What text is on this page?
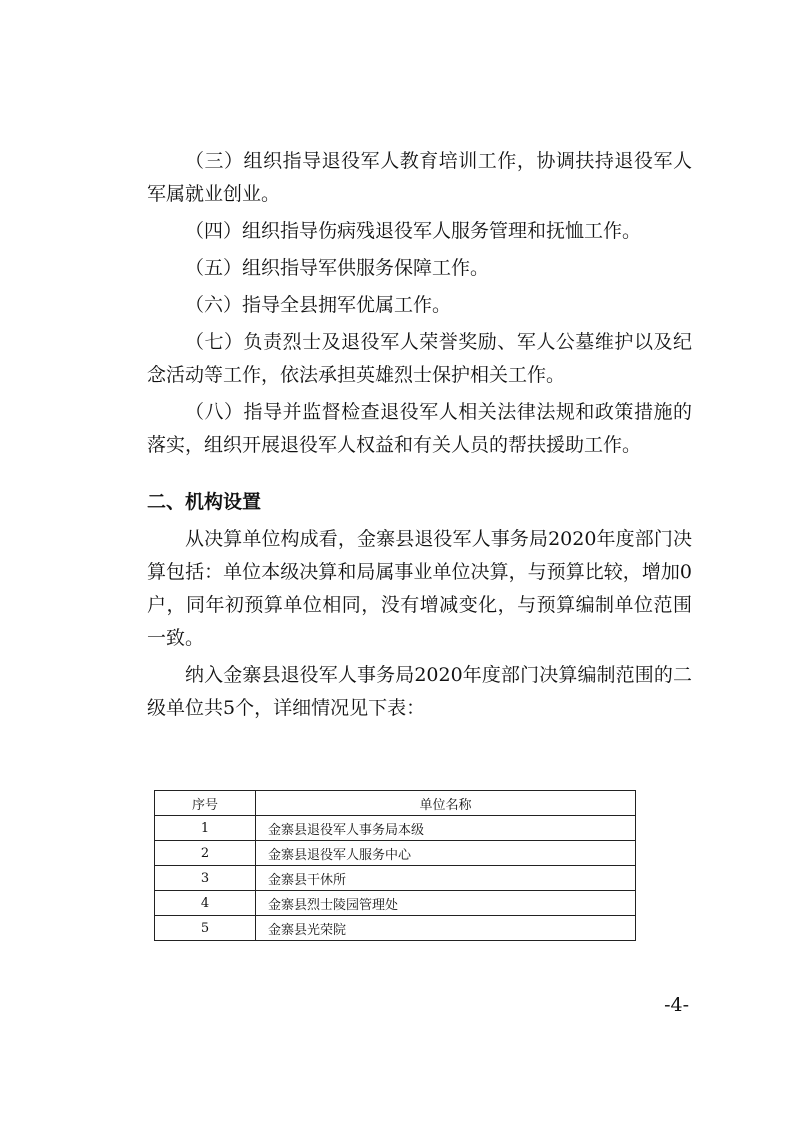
（三）组织指导退役军人教育培训工作，协调扶持退役军人军属就业创业。

（四）组织指导伤病残退役军人服务管理和抚恤工作。

（五）组织指导军供服务保障工作。

（六）指导全县拥军优属工作。

（七）负责烈士及退役军人荣誉奖励、军人公墓维护以及纪念活动等工作，依法承担英雄烈士保护相关工作。

（八）指导并监督检查退役军人相关法律法规和政策措施的落实，组织开展退役军人权益和有关人员的帮扶援助工作。

二、机构设置

从决算单位构成看，金寨县退役军人事务局2020年度部门决算包括：单位本级决算和局属事业单位决算，与预算比较，增加0户，同年初预算单位相同，没有增减变化，与预算编制单位范围一致。

纳入金寨县退役军人事务局2020年度部门决算编制范围的二级单位共5个，详细情况见下表：

序号	单位名称
1	金寨县退役军人事务局本级
2	金寨县退役军人服务中心
3	金寨县干休所
4	金寨县烈士陵园管理处
5	金寨县光荣院
-4-
